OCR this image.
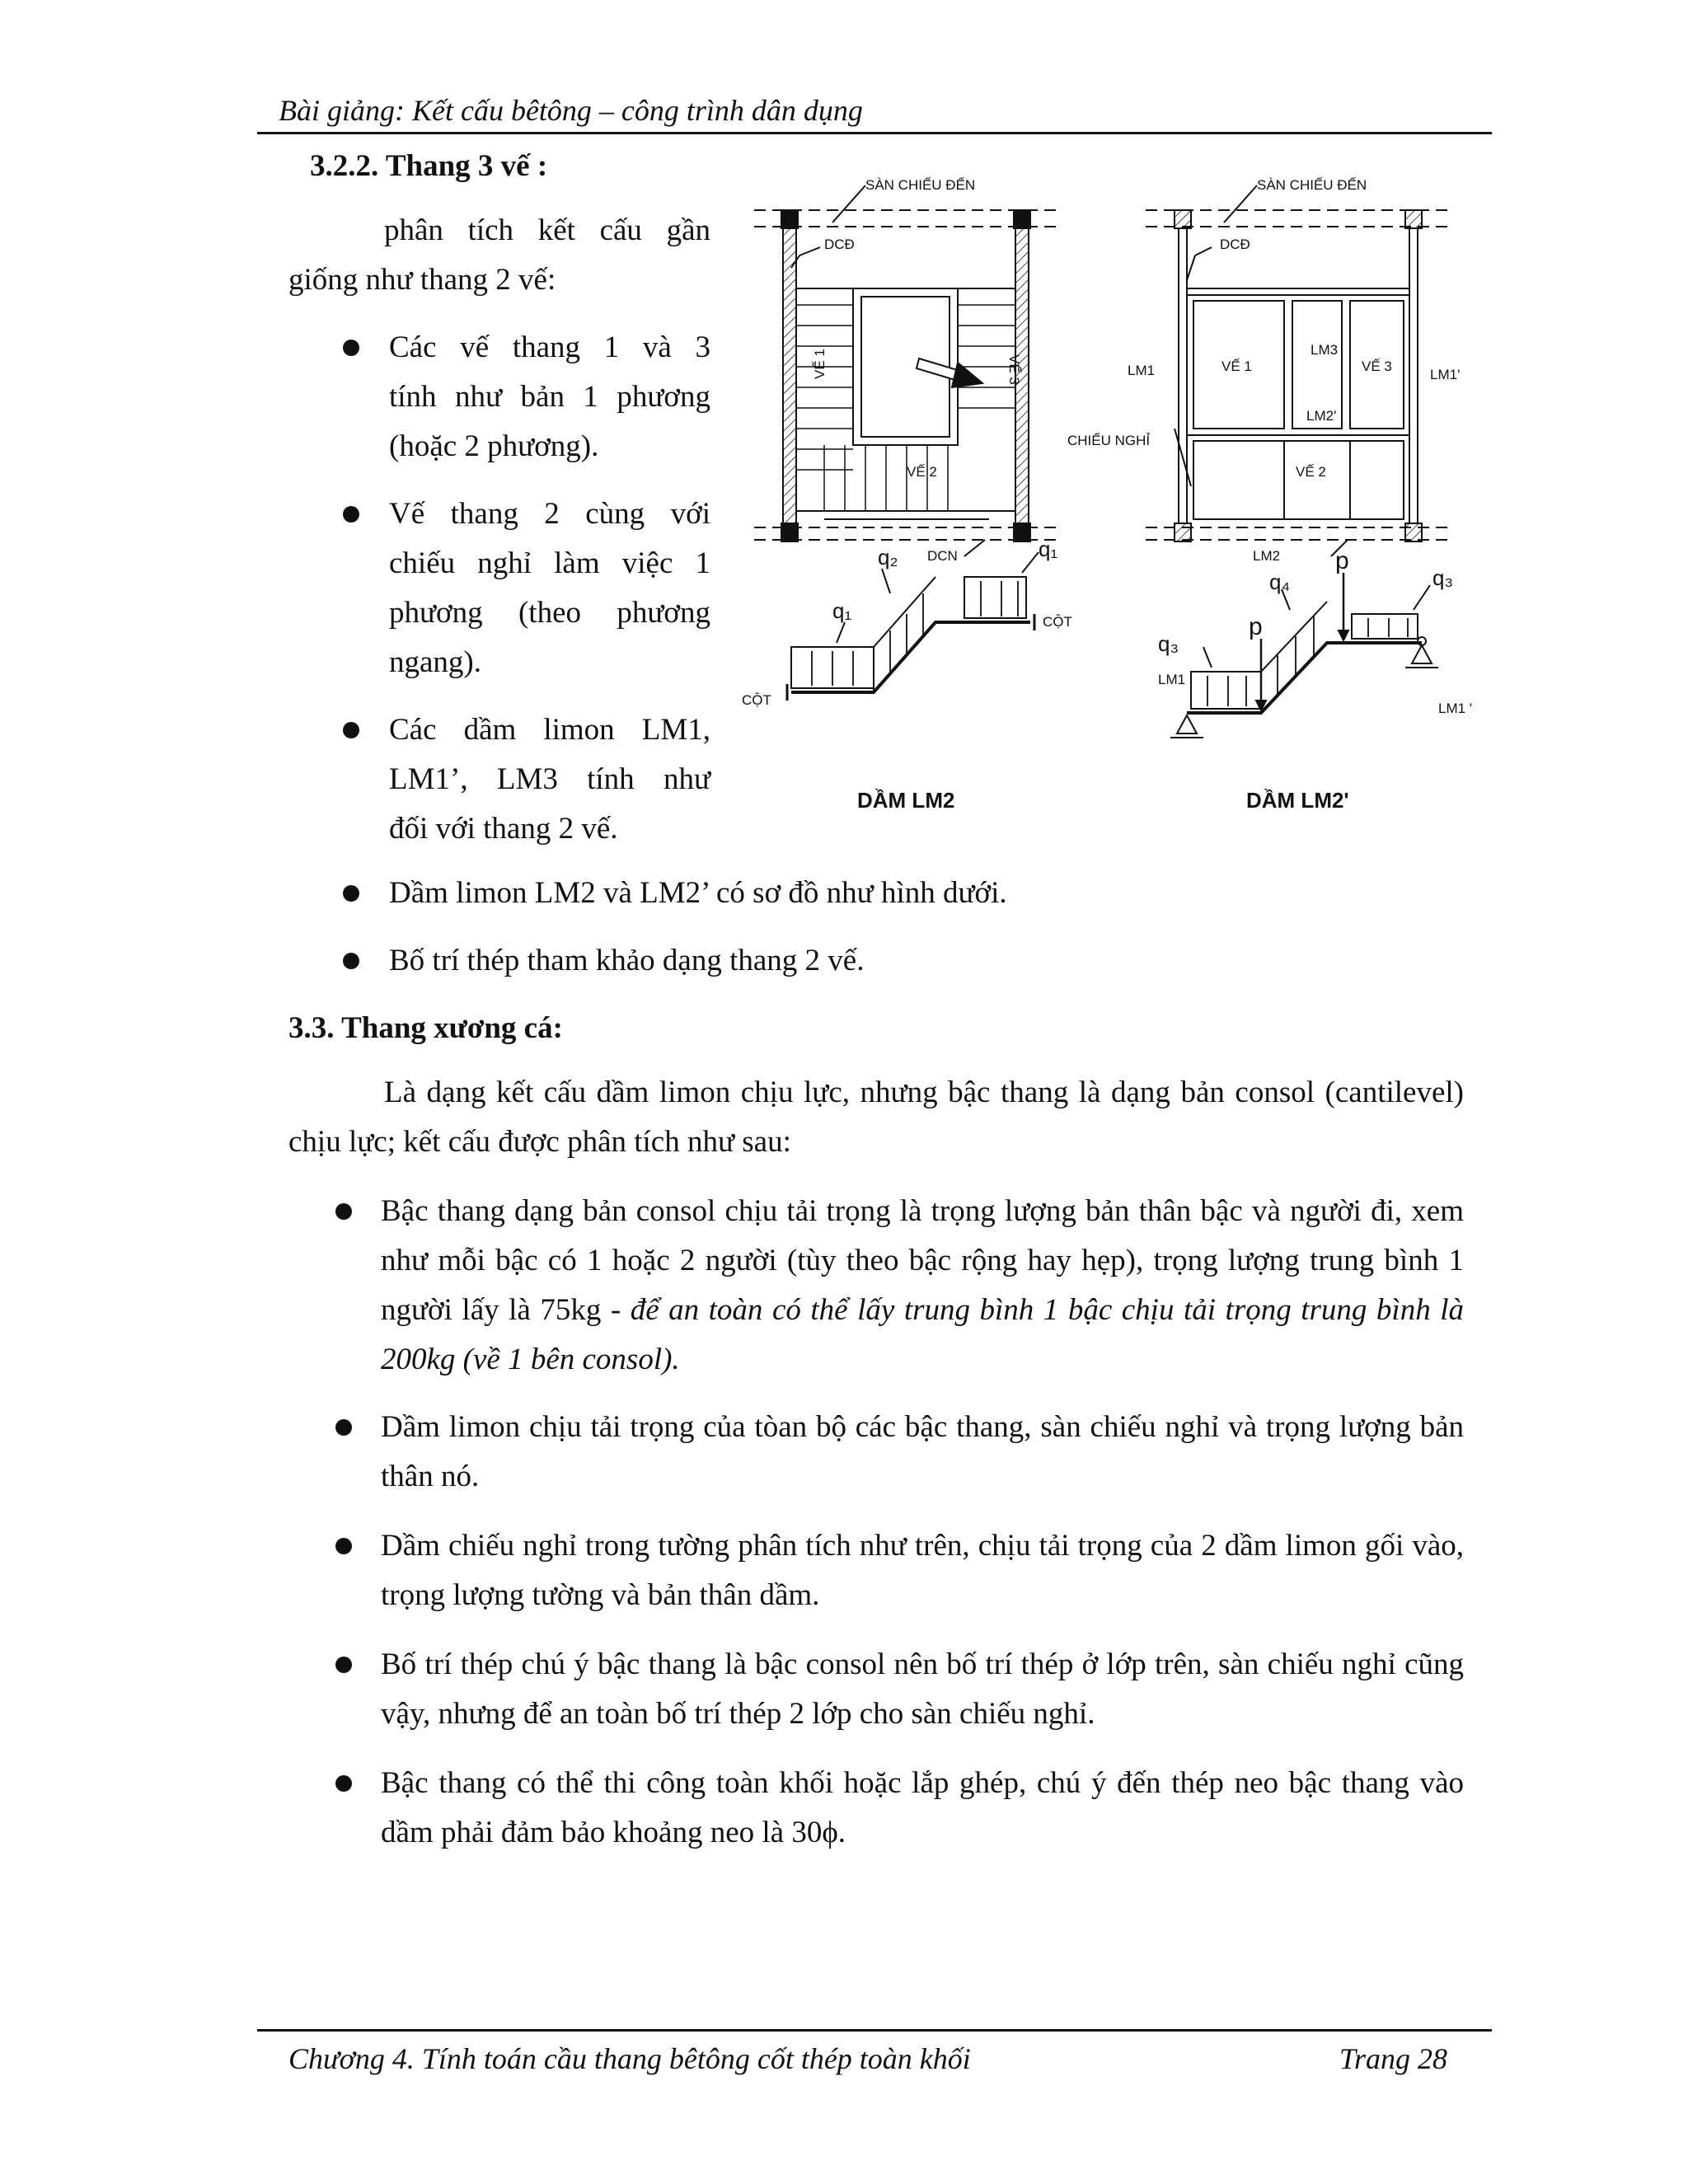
Bài giảng: Kết cấu bêtông – công trình dân dụng
3.2.2. Thang 3 vế :
phân tích kết cấu gần
giống như thang 2 vế:
Các vế thang 1 và 3
tính như bản 1 phương
(hoặc 2 phương).
Vế thang 2 cùng với
chiếu nghỉ làm việc 1
phương (theo phương
ngang).
Các dầm limon LM1,
LM1’, LM3 tính như
đối với thang 2 vế.
Dầm limon LM2 và LM2’ có sơ đồ như hình dưới.
Bố trí thép tham khảo dạng thang 2 vế.
SÀN CHIẾU ĐẾN
DCĐ
DCN
VẾ 2
VẾ 1	VẾ 3
SÀN CHIẾU ĐẾN
DCĐ
LM1	LM1'
LM3
LM2'
LM2
CHIẾU NGHỈ
VẾ 1
VẾ 2
VẾ 3
q₁
q₂	q₁
CỘT
CỘT
DẦM LM2
LM1
LM1 '
q₃
p
q₄
p
q₃
DẦM LM2'
3.3. Thang xương cá:
Là dạng kết cấu dầm limon chịu lực, nhưng bậc thang là dạng bản consol (cantilevel) chịu lực; kết cấu được phân tích như sau:
Bậc thang dạng bản consol chịu tải trọng là trọng lượng bản thân bậc và người đi, xem như mỗi bậc có 1 hoặc 2 người (tùy theo bậc rộng hay hẹp), trọng lượng trung bình 1 người lấy là 75kg - để an toàn có thể lấy trung bình 1 bậc chịu tải trọng trung bình là 200kg (về 1 bên consol).
Dầm limon chịu tải trọng của tòan bộ các bậc thang, sàn chiếu nghỉ và trọng lượng bản thân nó.
Dầm chiếu nghỉ trong tường phân tích như trên, chịu tải trọng của 2 dầm limon gối vào, trọng lượng tường và bản thân dầm.
Bố trí thép chú ý bậc thang là bậc consol nên bố trí thép ở lớp trên, sàn chiếu nghỉ cũng vậy, nhưng để an toàn bố trí thép 2 lớp cho sàn chiếu nghỉ.
Bậc thang có thể thi công toàn khối hoặc lắp ghép, chú ý đến thép neo bậc thang vào dầm phải đảm bảo khoảng neo là 30ϕ.
Chương 4. Tính toán cầu thang bêtông cốt thép toàn khối	Trang 28
